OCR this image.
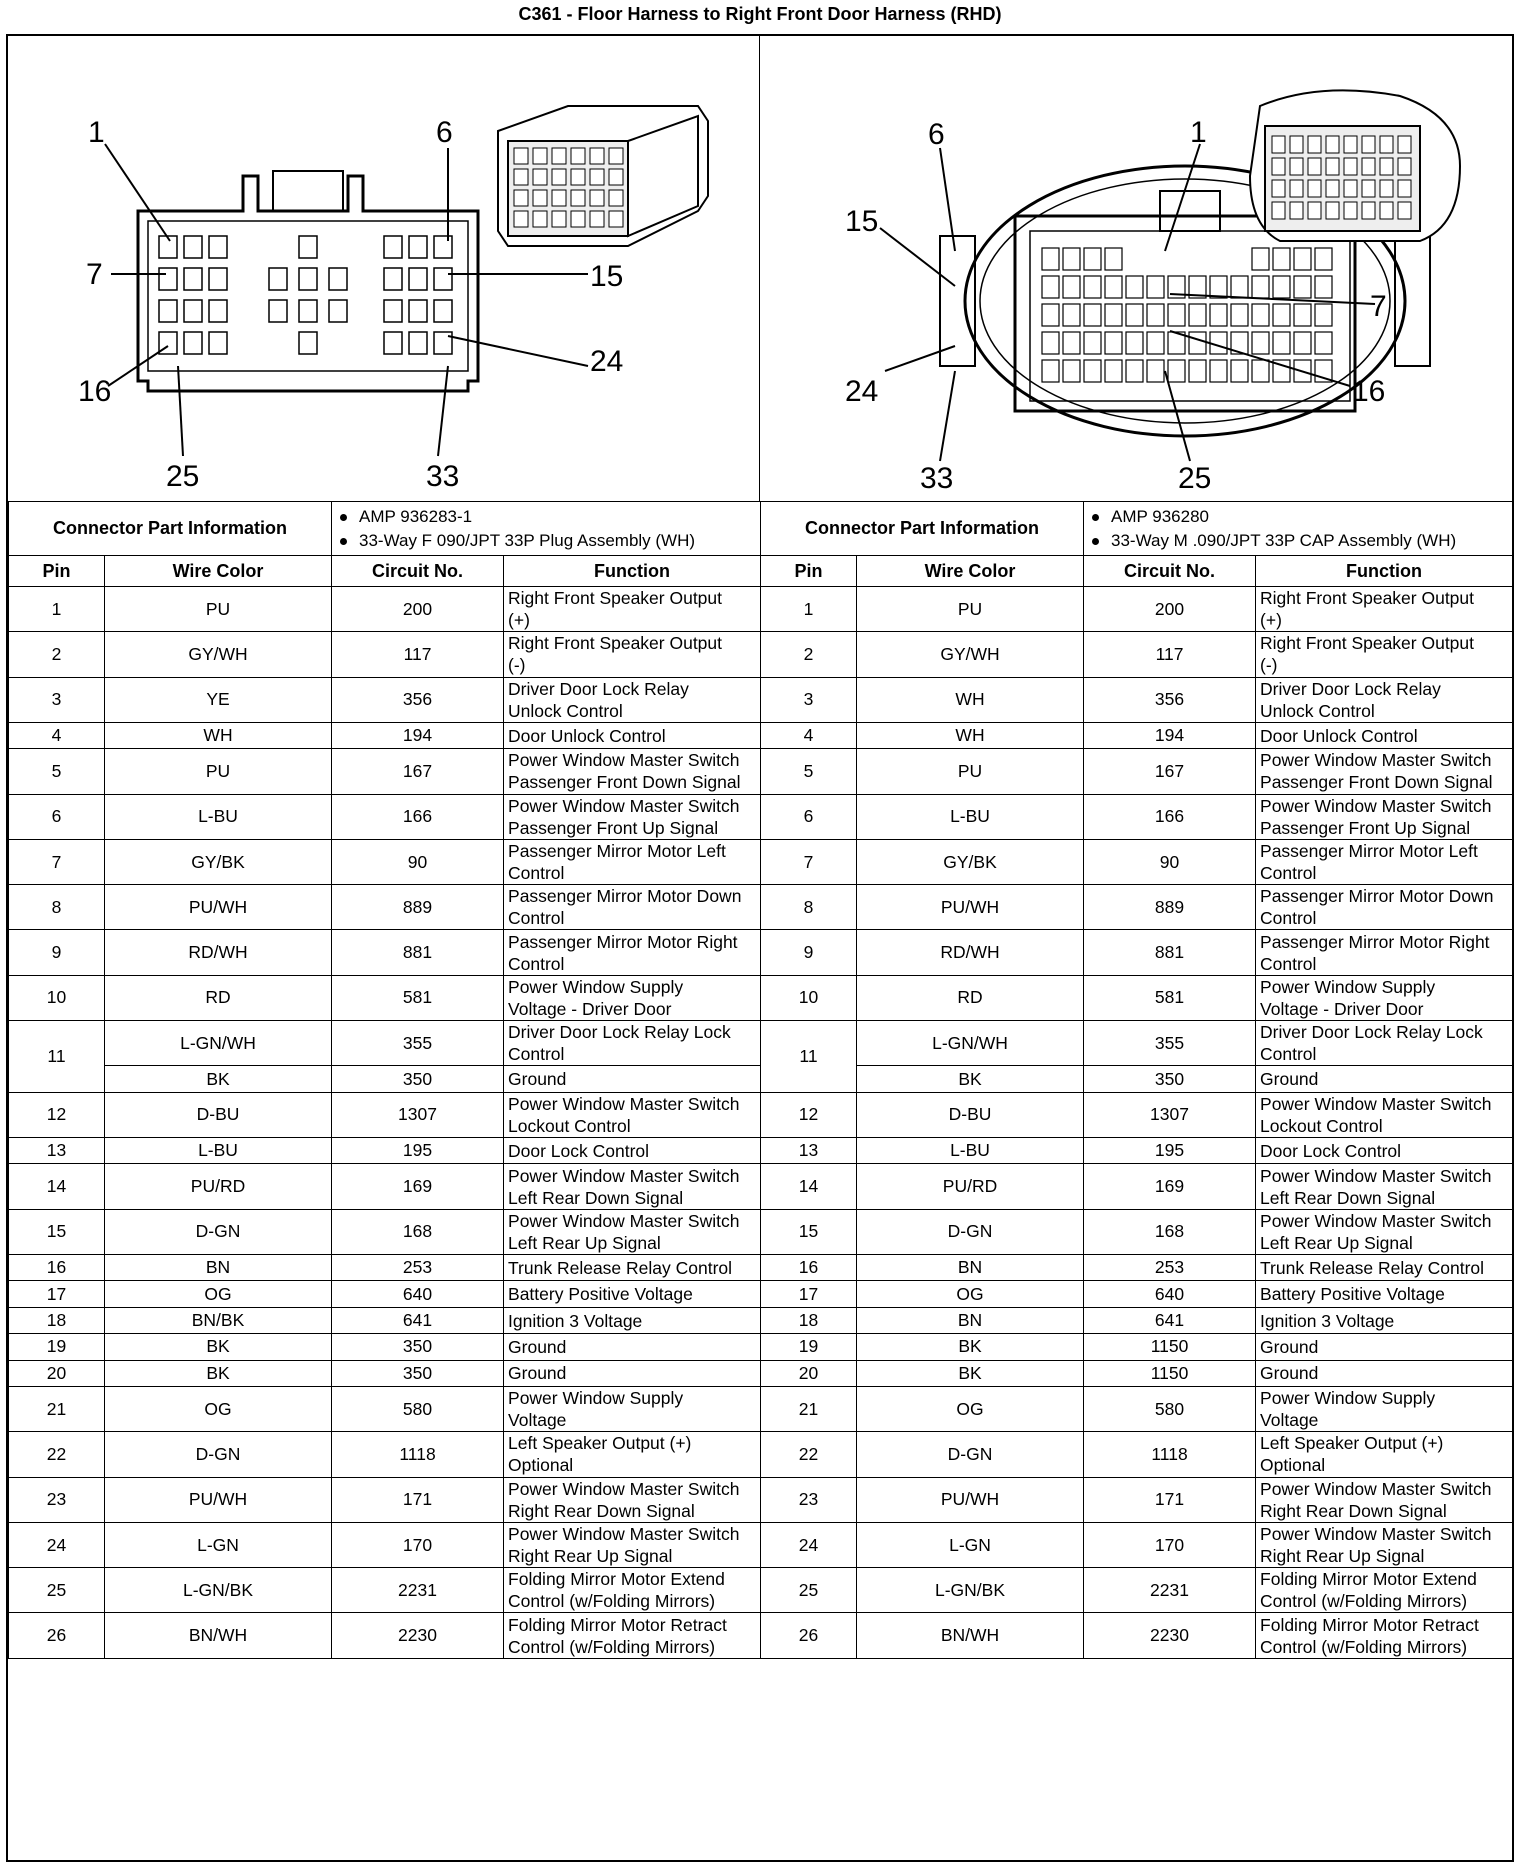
C361 - Floor Harness to Right Front Door Harness (RHD)
1	6
7	15
16
24
25	33
6	1
15
7
24	16
33	25
Connector Part Information		AMP 936283-1
33-Way F 090/JPT 33P Plug Assembly (WH)	

Pin	Wire Color	Circuit No.	Function
1	PU	200	Right Front Speaker Output
(+)

2	GY/WH	117	Right Front Speaker Output
(-)

3	YE	356	Driver Door Lock Relay
Unlock Control

4	WH	194	Door Unlock Control

5	PU	167	Power Window Master Switch
Passenger Front Down Signal

6	L-BU	166	Power Window Master Switch
Passenger Front Up Signal

7	GY/BK	90	Passenger Mirror Motor Left
Control

8	PU/WH	889	Passenger Mirror Motor Down
Control

9	RD/WH	881	Passenger Mirror Motor Right
Control

10	RD	581	Power Window Supply
Voltage - Driver Door

11	L-GN/WH	355	Driver Door Lock Relay Lock
Control

	BK	350	Ground

12	D-BU	1307	Power Window Master Switch
Lockout Control

13	L-BU	195	Door Lock Control

14	PU/RD	169	Power Window Master Switch
Left Rear Down Signal

15	D-GN	168	Power Window Master Switch
Left Rear Up Signal

16	BN	253	Trunk Release Relay Control

17	OG	640	Battery Positive Voltage

18	BN/BK	641	Ignition 3 Voltage

19	BK	350	Ground

20	BK	350	Ground

21	OG	580	Power Window Supply
Voltage

22	D-GN	1118	Left Speaker Output (+)
Optional

23	PU/WH	171	Power Window Master Switch
Right Rear Down Signal

24	L-GN	170	Power Window Master Switch
Right Rear Up Signal

25	L-GN/BK	2231	Folding Mirror Motor Extend
Control (w/Folding Mirrors)

26	BN/WH	2230	Folding Mirror Motor Retract
Control (w/Folding Mirrors)
Connector Part Information		AMP 936280
33-Way M .090/JPT 33P CAP Assembly (WH)	

Pin	Wire Color	Circuit No.	Function
1	PU	200	Right Front Speaker Output
(+)

2	GY/WH	117	Right Front Speaker Output
(-)

3	WH	356	Driver Door Lock Relay
Unlock Control

4	WH	194	Door Unlock Control

5	PU	167	Power Window Master Switch
Passenger Front Down Signal

6	L-BU	166	Power Window Master Switch
Passenger Front Up Signal

7	GY/BK	90	Passenger Mirror Motor Left
Control

8	PU/WH	889	Passenger Mirror Motor Down
Control

9	RD/WH	881	Passenger Mirror Motor Right
Control

10	RD	581	Power Window Supply
Voltage - Driver Door

11	L-GN/WH	355	Driver Door Lock Relay Lock
Control

	BK	350	Ground

12	D-BU	1307	Power Window Master Switch
Lockout Control

13	L-BU	195	Door Lock Control

14	PU/RD	169	Power Window Master Switch
Left Rear Down Signal

15	D-GN	168	Power Window Master Switch
Left Rear Up Signal

16	BN	253	Trunk Release Relay Control

17	OG	640	Battery Positive Voltage

18	BN	641	Ignition 3 Voltage

19	BK	1150	Ground

20	BK	1150	Ground

21	OG	580	Power Window Supply
Voltage

22	D-GN	1118	Left Speaker Output (+)
Optional

23	PU/WH	171	Power Window Master Switch
Right Rear Down Signal

24	L-GN	170	Power Window Master Switch
Right Rear Up Signal

25	L-GN/BK	2231	Folding Mirror Motor Extend
Control (w/Folding Mirrors)

26	BN/WH	2230	Folding Mirror Motor Retract
Control (w/Folding Mirrors)
